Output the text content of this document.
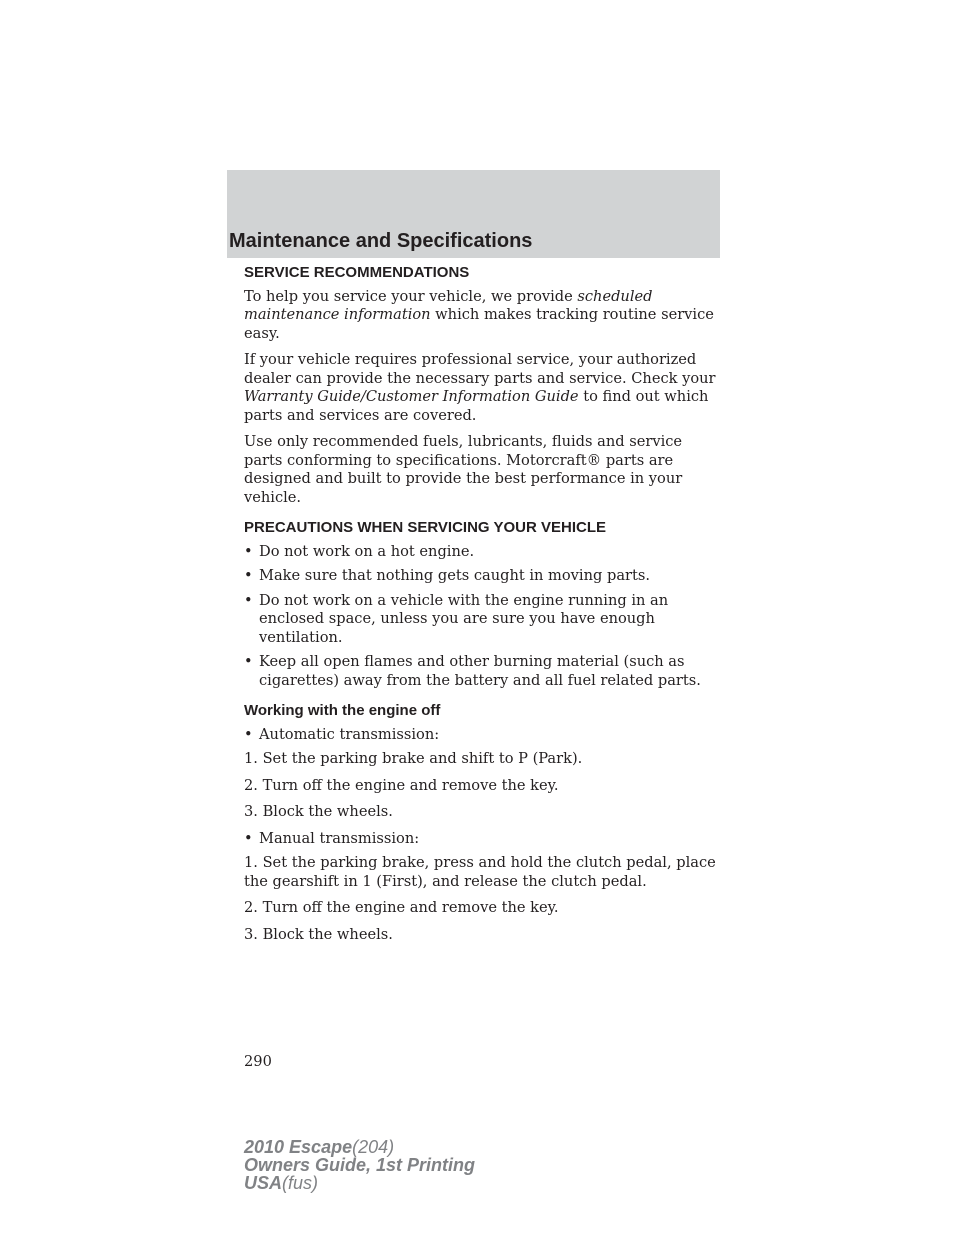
Maintenance and Specifications
SERVICE RECOMMENDATIONS

To help you service your vehicle, we provide scheduled maintenance information which makes tracking routine service easy.

If your vehicle requires professional service, your authorized dealer can provide the necessary parts and service. Check your Warranty Guide/Customer Information Guide to find out which parts and services are covered.

Use only recommended fuels, lubricants, fluids and service parts conforming to specifications. Motorcraft® parts are designed and built to provide the best performance in your vehicle.

PRECAUTIONS WHEN SERVICING YOUR VEHICLE
• Do not work on a hot engine.
• Make sure that nothing gets caught in moving parts.
• Do not work on a vehicle with the engine running in an enclosed space, unless you are sure you have enough ventilation.
• Keep all open flames and other burning material (such as cigarettes) away from the battery and all fuel related parts.
Working with the engine off
• Automatic transmission:

1. Set the parking brake and shift to P (Park).

2. Turn off the engine and remove the key.

3. Block the wheels.

• Manual transmission:

1. Set the parking brake, press and hold the clutch pedal, place the gearshift in 1 (First), and release the clutch pedal.

2. Turn off the engine and remove the key.

3. Block the wheels.

290
2010 Escape(204)
Owners Guide, 1st Printing
USA(fus)
